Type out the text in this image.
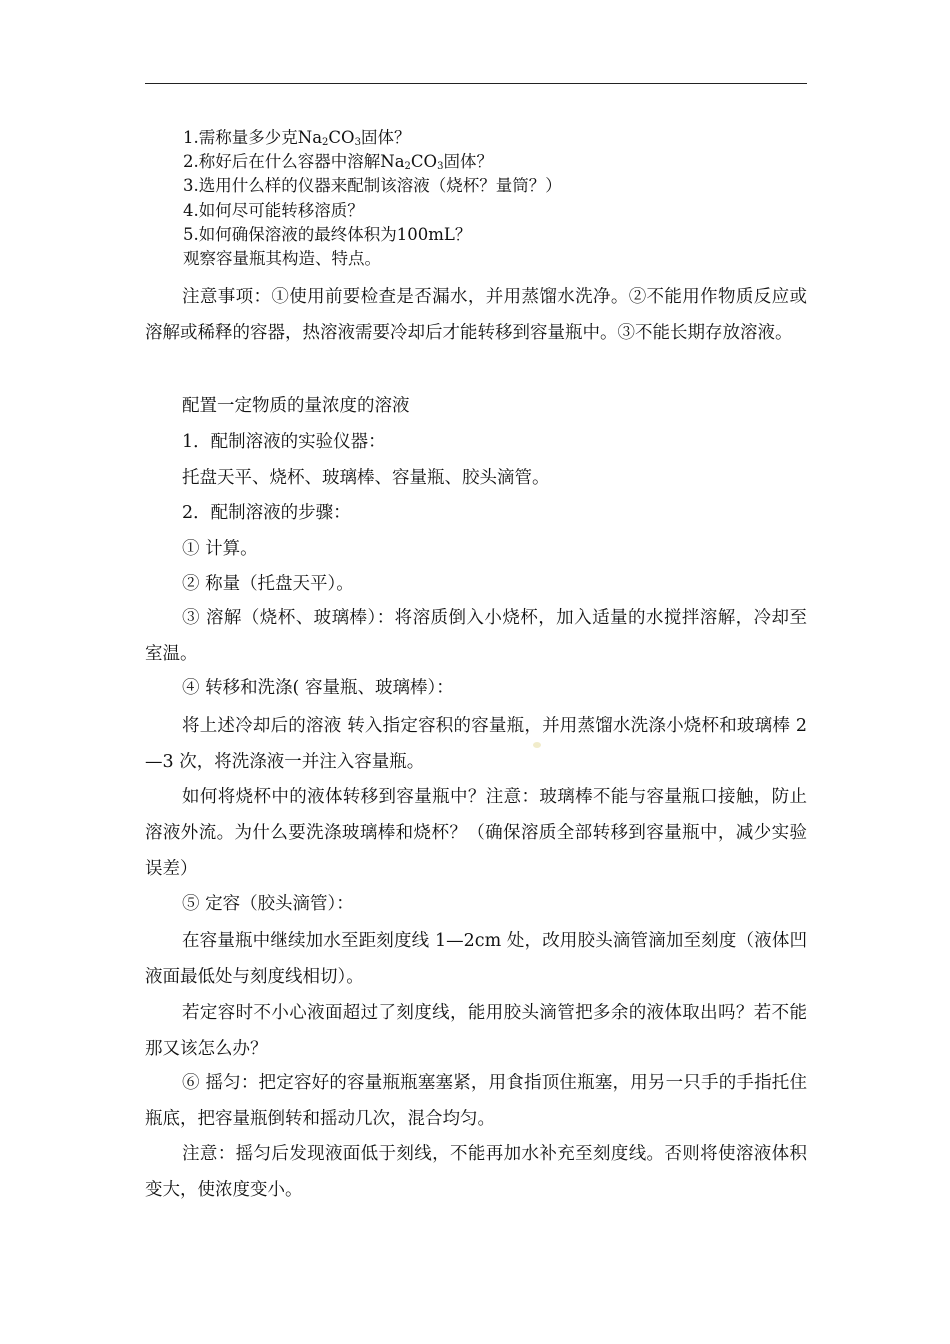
1.需称量多少克$Na_2CO_3$固体？
2.称好后在什么容器中溶解$Na_2CO_3$固体？
3.选用什么样的仪器来配制该溶液（烧杯？量筒？）
4.如何尽可能转移溶质？
5.如何确保溶液的最终体积为100mL？
观察容量瓶其构造、特点。
注意事项：①使用前要检查是否漏水，并用蒸馏水洗净。②不能用作物质反应或溶解或稀释的容器，热溶液需要冷却后才能转移到容量瓶中。③不能长期存放溶液。
配置一定物质的量浓度的溶液
1．配制溶液的实验仪器：
托盘天平、烧杯、玻璃棒、容量瓶、胶头滴管。
2．配制溶液的步骤：
① 计算。
② 称量（托盘天平）。
③ 溶解（烧杯、玻璃棒）：将溶质倒入小烧杯，加入适量的水搅拌溶解，冷却至室温。
④ 转移和洗涤( 容量瓶、玻璃棒）：
将上述冷却后的溶液 转入指定容积的容量瓶，并用蒸馏水洗涤小烧杯和玻璃棒 2—3 次，将洗涤液一并注入容量瓶。
如何将烧杯中的液体转移到容量瓶中？注意：玻璃棒不能与容量瓶口接触，防止溶液外流。为什么要洗涤玻璃棒和烧杯？（确保溶质全部转移到容量瓶中，减少实验误差）
⑤ 定容（胶头滴管）：
在容量瓶中继续加水至距刻度线 1—2cm 处，改用胶头滴管滴加至刻度（液体凹液面最低处与刻度线相切）。
若定容时不小心液面超过了刻度线，能用胶头滴管把多余的液体取出吗？若不能那又该怎么办？
⑥ 摇匀：把定容好的容量瓶瓶塞塞紧，用食指顶住瓶塞，用另一只手的手指托住瓶底，把容量瓶倒转和摇动几次，混合均匀。
注意：摇匀后发现液面低于刻线，不能再加水补充至刻度线。否则将使溶液体积变大，使浓度变小。
